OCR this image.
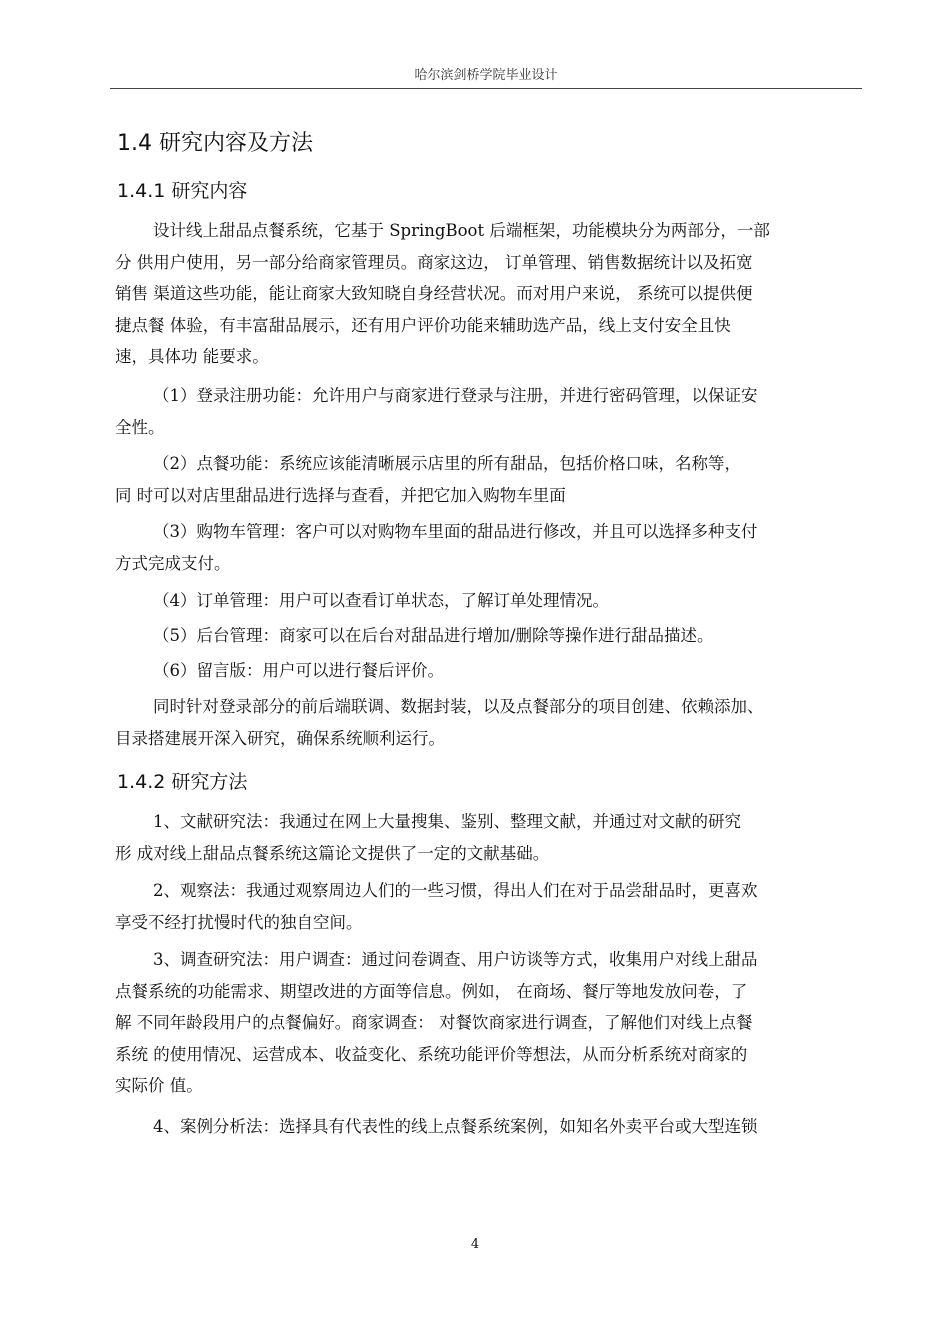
哈尔滨剑桥学院毕业设计
1.4 研究内容及方法
1.4.1 研究内容
设计线上甜品点餐系统，它基于 SpringBoot 后端框架，功能模块分为两部分，一部
分 供用户使用，另一部分给商家管理员。商家这边， 订单管理、销售数据统计以及拓宽
销售 渠道这些功能，能让商家大致知晓自身经营状况。而对用户来说， 系统可以提供便
捷点餐 体验，有丰富甜品展示，还有用户评价功能来辅助选产品，线上支付安全且快
速，具体功 能要求。
（1）登录注册功能：允许用户与商家进行登录与注册，并进行密码管理，以保证安
全性。
（2）点餐功能：系统应该能清晰展示店里的所有甜品，包括价格口味，名称等，
同 时可以对店里甜品进行选择与查看，并把它加入购物车里面
（3）购物车管理：客户可以对购物车里面的甜品进行修改，并且可以选择多种支付
方式完成支付。
（4）订单管理：用户可以查看订单状态，了解订单处理情况。
（5）后台管理：商家可以在后台对甜品进行增加/删除等操作进行甜品描述。
（6）留言版：用户可以进行餐后评价。
同时针对登录部分的前后端联调、数据封装，以及点餐部分的项目创建、依赖添加、
目录搭建展开深入研究，确保系统顺利运行。
1.4.2 研究方法
1、文献研究法：我通过在网上大量搜集、鉴别、整理文献，并通过对文献的研究
形 成对线上甜品点餐系统这篇论文提供了一定的文献基础。
2、观察法：我通过观察周边人们的一些习惯，得出人们在对于品尝甜品时，更喜欢
享受不经打扰慢时代的独自空间。
3、调查研究法：用户调查：通过问卷调查、用户访谈等方式，收集用户对线上甜品
点餐系统的功能需求、期望改进的方面等信息。例如， 在商场、餐厅等地发放问卷，了
解 不同年龄段用户的点餐偏好。商家调查： 对餐饮商家进行调查，了解他们对线上点餐
系统 的使用情况、运营成本、收益变化、系统功能评价等想法，从而分析系统对商家的
实际价 值。
4、案例分析法：选择具有代表性的线上点餐系统案例，如知名外卖平台或大型连锁
4
